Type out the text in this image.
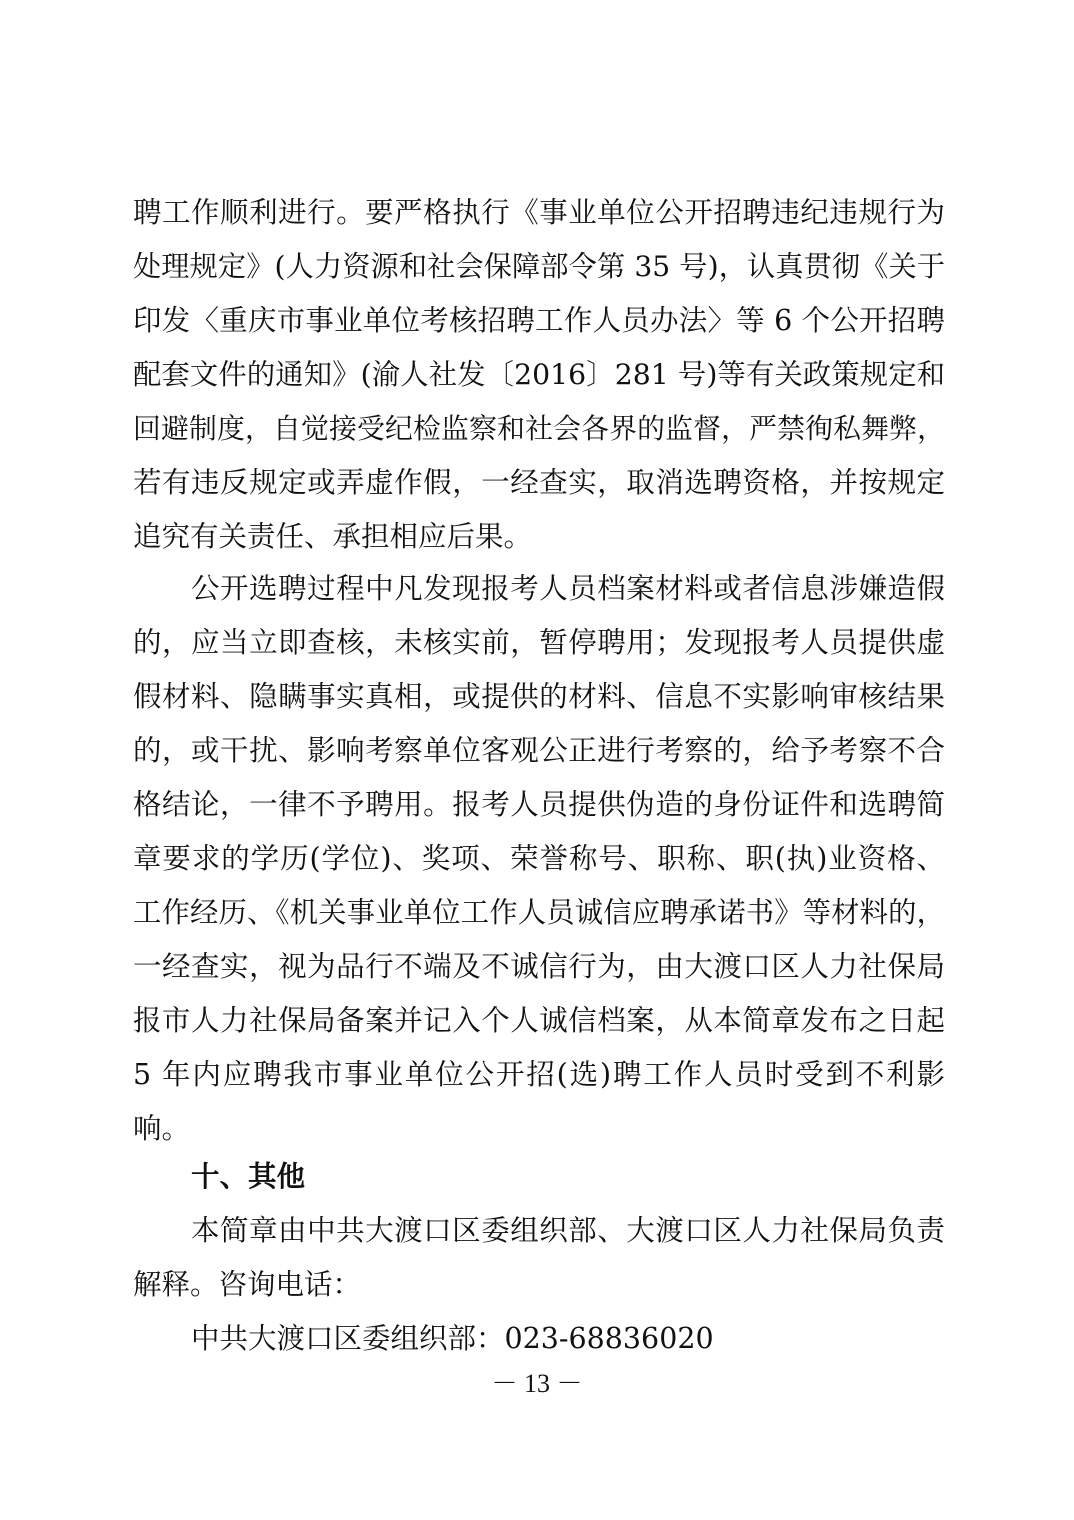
聘工作顺利进行。要严格执行《事业单位公开招聘违纪违规行为
处理规定》(人力资源和社会保障部令第 35 号)，认真贯彻《关于
印发〈重庆市事业单位考核招聘工作人员办法〉等 6 个公开招聘
配套文件的通知》(渝人社发〔2016〕281 号)等有关政策规定和
回避制度，自觉接受纪检监察和社会各界的监督，严禁徇私舞弊，
若有违反规定或弄虚作假，一经查实，取消选聘资格，并按规定
追究有关责任、承担相应后果。
公开选聘过程中凡发现报考人员档案材料或者信息涉嫌造假
的，应当立即查核，未核实前，暂停聘用；发现报考人员提供虚
假材料、隐瞒事实真相，或提供的材料、信息不实影响审核结果
的，或干扰、影响考察单位客观公正进行考察的，给予考察不合
格结论，一律不予聘用。报考人员提供伪造的身份证件和选聘简
章要求的学历(学位)、奖项、荣誉称号、职称、职(执)业资格、
工作经历、《机关事业单位工作人员诚信应聘承诺书》等材料的，
一经查实，视为品行不端及不诚信行为，由大渡口区人力社保局
报市人力社保局备案并记入个人诚信档案，从本简章发布之日起
5 年内应聘我市事业单位公开招(选)聘工作人员时受到不利影
响。
十、其他
本简章由中共大渡口区委组织部、大渡口区人力社保局负责
解释。咨询电话：
中共大渡口区委组织部：023-68836020
－ 13 －
